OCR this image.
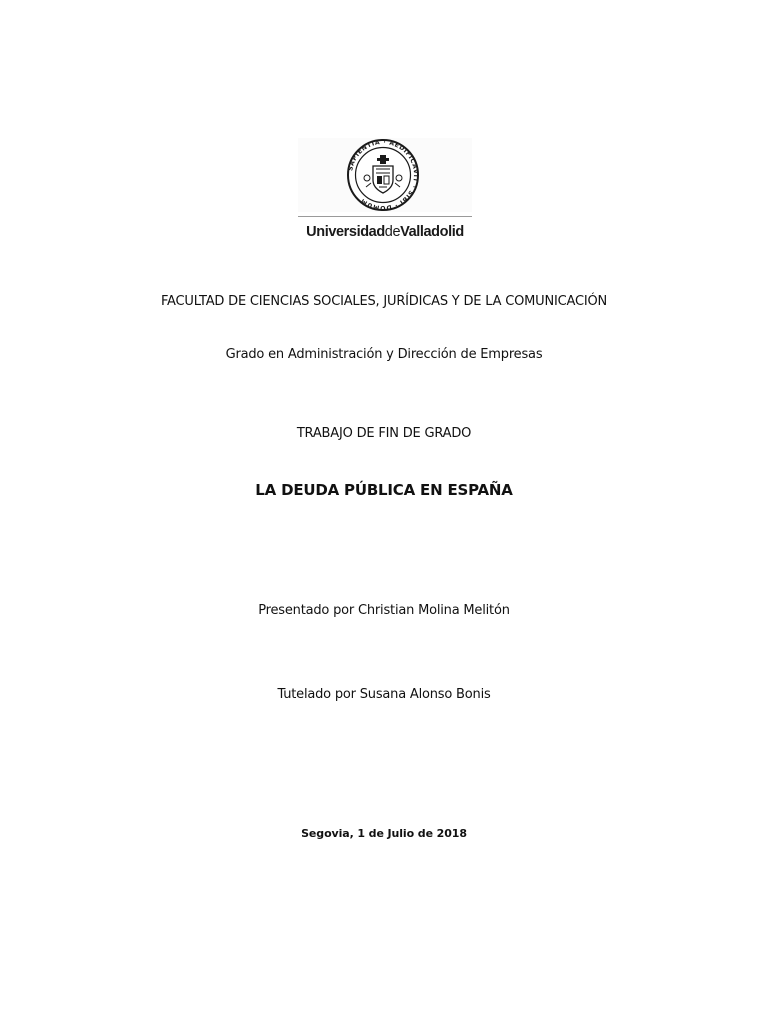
SAPIENTIA · AEDIFICAVIT · SIBI · DOMUM
UniversidaddeValladolid
FACULTAD DE CIENCIAS SOCIALES, JURÍDICAS Y DE LA COMUNICACIÓN
Grado en Administración y Dirección de Empresas
TRABAJO DE FIN DE GRADO
LA DEUDA PÚBLICA EN ESPAÑA
Presentado por Christian Molina Melitón
Tutelado por Susana Alonso Bonis
Segovia, 1 de Julio de 2018
